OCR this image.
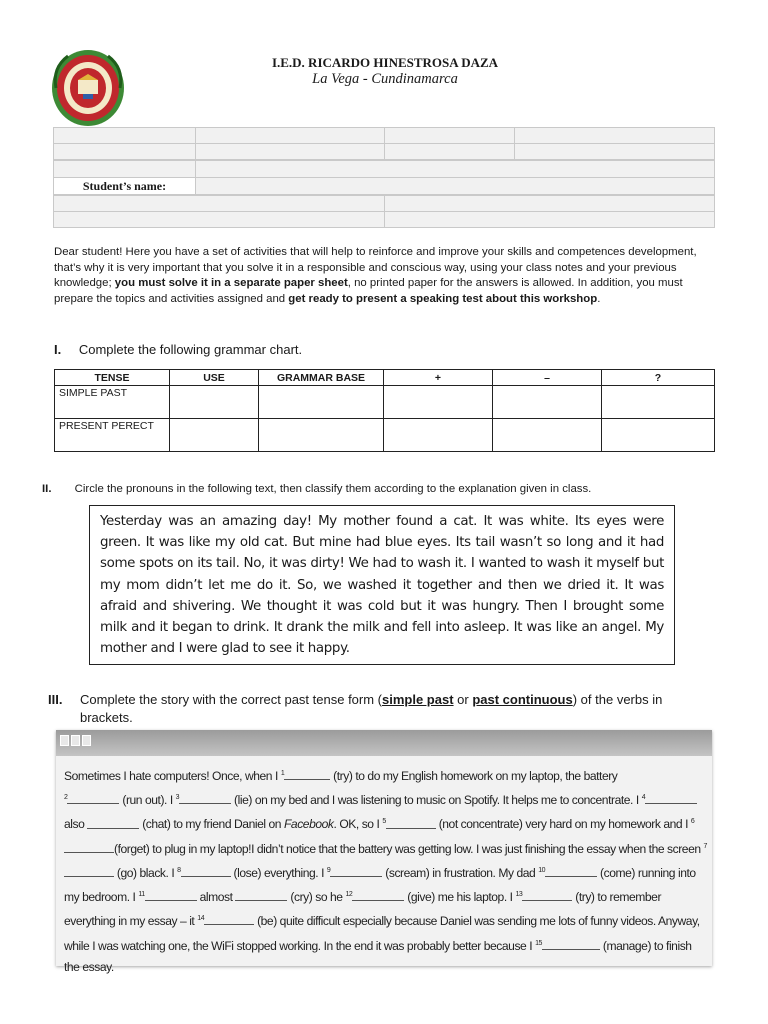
I.E.D. RICARDO HINESTROSA DAZA
La Vega - Cundinamarca

Student’s name:	

Dear student! Here you have a set of activities that will help to reinforce and improve your skills and competences development, that’s why it is very important that you solve it in a responsible and conscious way, using your class notes and your previous knowledge; you must solve it in a separate paper sheet, no printed paper for the answers is allowed. In addition, you must prepare the topics and activities assigned and get ready to present a speaking test about this workshop.
I. Complete the following grammar chart.
TENSE	USE	GRAMMAR BASE	+	–	?
SIMPLE PAST					
PRESENT PERECT					
II. Circle the pronouns in the following text, then classify them according to the explanation given in class.
Yesterday was an amazing day! My mother found a cat. It was white. Its eyes were green. It was like my old cat. But mine had blue eyes. Its tail wasn’t so long and it had some spots on its tail. No, it was dirty! We had to wash it. I wanted to wash it myself but my mom didn’t let me do it. So, we washed it together and then we dried it. It was afraid and shivering. We thought it was cold but it was hungry. Then I brought some milk and it began to drink. It drank the milk and fell into asleep. It was like an angel. My mother and I were glad to see it happy.
III. Complete the story with the correct past tense form (simple past or past continuous) of the verbs in brackets.
Sometimes I hate computers! Once, when I $^1$	(try) to do my English homework on my laptop, the battery
$^2$	(run out). I $^3$	(lie) on my bed and I was listening to music on Spotify. It helps me to concentrate. I $^4$ also	(chat) to my friend Daniel on Facebook. OK, so I $^5$	(not concentrate) very hard on my homework and I $^6$(forget) to plug in my laptop!I didn’t notice that the battery was getting low. I was just finishing the essay when the screen $^7$ (go) black. I $^8$	(lose) everything. I $^9$	(scream) in frustration. My dad $^{10}$	(come) running into my bedroom. I $^{11}$	almost	(cry) so he $^{12}$	(give) me his laptop. I $^{13}$	(try) to remember everything in my essay – it $^{14}$	(be) quite difficult especially because Daniel was sending me lots of funny videos. Anyway, while I was watching one, the WiFi stopped working. In the end it was probably better because I $^{15}$	(manage) to finish the essay.
